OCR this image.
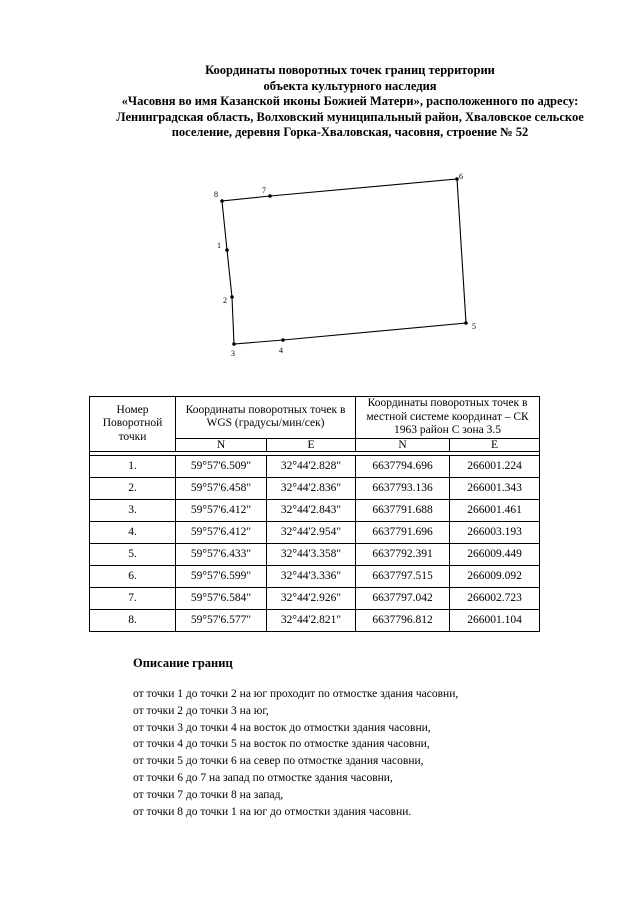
Координаты поворотных точек границ территории
объекта культурного наследия
«Часовня во имя Казанской иконы Божией Матери», расположенного по адресу:
Ленинградская область, Волховский муниципальный район, Хваловское сельское
поселение, деревня Горка-Хваловская, часовня, строение № 52
1
2
3	4
5
6
7
8
Номер Поворотной точки	Координаты поворотных точек в WGS (градусы/мин/сек)		Координаты поворотных точек в местной системе координат – СК 1963 район С зона 3.5	
	N	E	N	E

1.	59°57'6.509"	32°44'2.828"	6637794.696	266001.224
2.	59°57'6.458"	32°44'2.836"	6637793.136	266001.343
3.	59°57'6.412"	32°44'2.843"	6637791.688	266001.461
4.	59°57'6.412"	32°44'2.954"	6637791.696	266003.193
5.	59°57'6.433"	32°44'3.358"	6637792.391	266009.449
6.	59°57'6.599"	32°44'3.336"	6637797.515	266009.092
7.	59°57'6.584"	32°44'2.926"	6637797.042	266002.723
8.	59°57'6.577"	32°44'2.821"	6637796.812	266001.104
Описание границ
от точки 1 до точки 2 на юг проходит по отмостке здания часовни,
от точки 2 до точки 3 на юг,
от точки 3 до точки 4 на восток до отмостки здания часовни,
от точки 4 до точки 5 на восток по отмостке здания часовни,
от точки 5 до точки 6 на север по отмостке здания часовни,
от точки 6 до 7 на запад по отмостке здания часовни,
от точки 7 до точки 8 на запад,
от точки 8 до точки 1 на юг до отмостки здания часовни.
